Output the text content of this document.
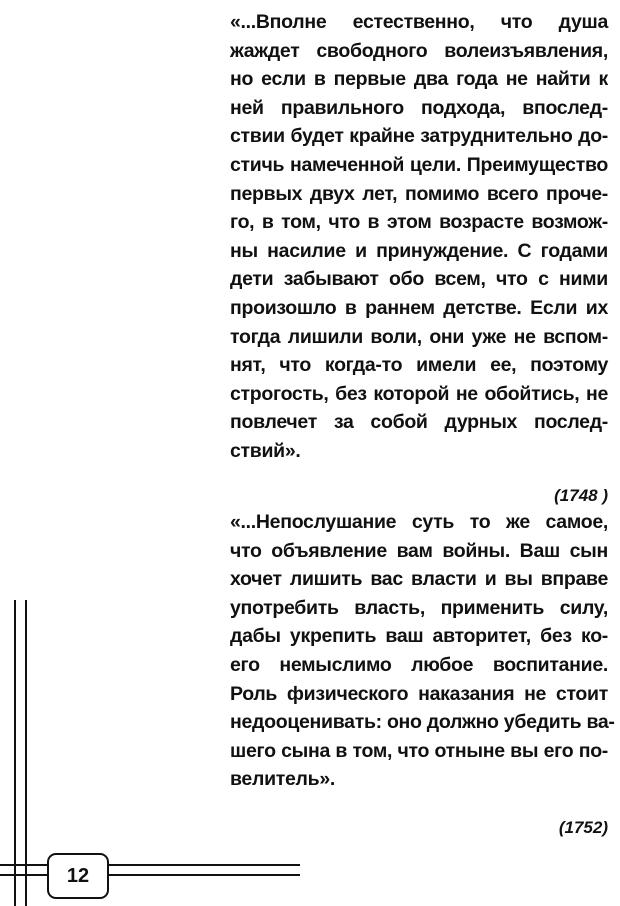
«...Вполне естественно, что душа
жаждет свободного волеизъявления,
но если в первые два года не найти к
ней правильного подхода, впослед-
ствии будет крайне затруднительно до-
стичь намеченной цели. Преимущество
первых двух лет, помимо всего проче-
го, в том, что в этом возрасте возмож-
ны насилие и принуждение. С годами
дети забывают обо всем, что с ними
произошло в раннем детстве. Если их
тогда лишили воли, они уже не вспом-
нят, что когда-то имели ее, поэтому
строгость, без которой не обойтись, не
повлечет за собой дурных послед-
ствий».
(1748 )
«...Непослушание суть то же самое,
что объявление вам войны. Ваш сын
хочет лишить вас власти и вы вправе
употребить власть, применить силу,
дабы укрепить ваш авторитет, без ко-
его немыслимо любое воспитание.
Роль физического наказания не стоит
недооценивать: оно должно убедить ва-
шего сына в том, что отныне вы его по-
велитель».
(1752)
12
